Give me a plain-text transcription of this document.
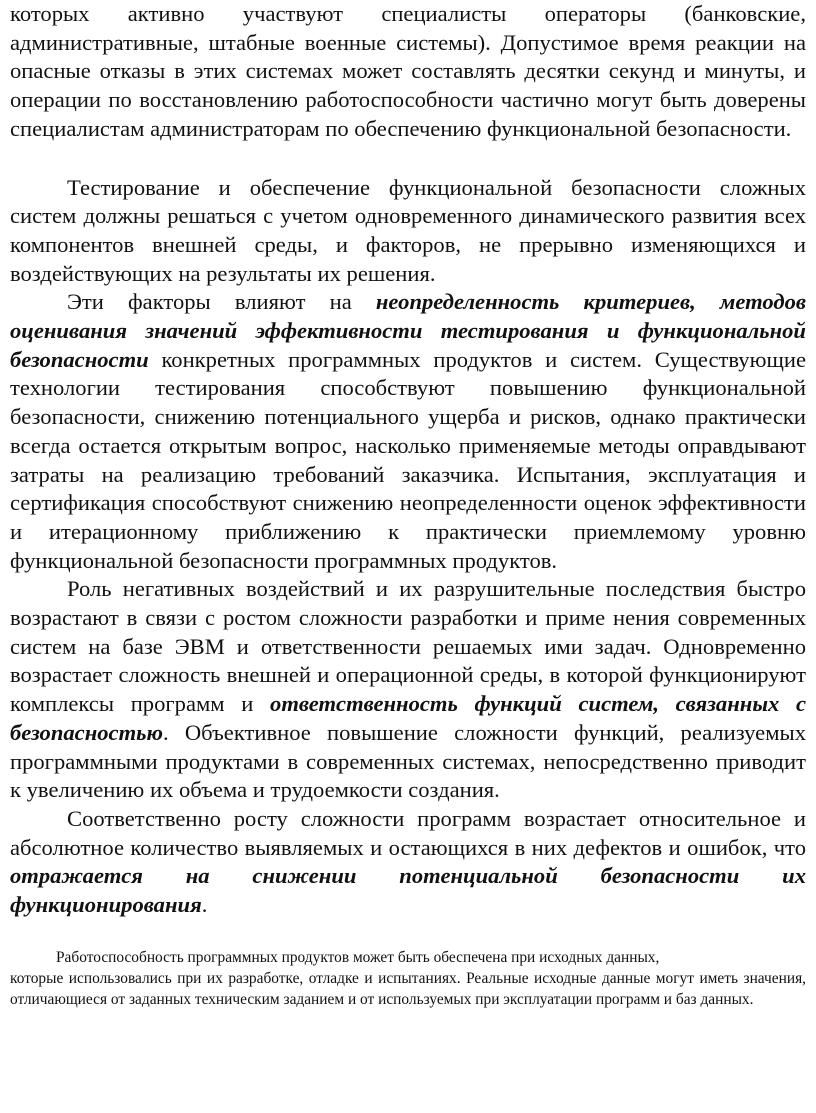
которых активно участвуют специалисты операторы (банковские, административные, штабные военные системы). Допустимое время реакции на опасные отказы в этих системах может составлять десятки секунд и минуты, и операции по восстановлению работоспособности частично могут быть доверены специалистам администраторам по обеспечению функциональной безопасности.

Тестирование и обеспечение функциональной безопасности сложных систем должны решаться с учетом одновременного динамического развития всех компонентов внешней среды, и факторов, не прерывно изменяющихся и воздействующих на результаты их решения.

Эти факторы влияют на неопределенность критериев, методов оценивания значений эффективности тестирования и функциональной безопасности конкретных программных продуктов и систем. Существующие технологии тестирования способствуют повышению функциональной безопасности, снижению потенциального ущерба и рисков, однако практически всегда остается открытым вопрос, насколько применяемые методы оправдывают затраты на реализацию требований заказчика. Испытания, эксплуатация и сертификация способствуют снижению неопределенности оценок эффективности и итерационному приближению к практически приемлемому уровню функциональной безопасности программных продуктов.

Роль негативных воздействий и их разрушительные последствия быстро возрастают в связи с ростом сложности разработки и приме нения современных систем на базе ЭВМ и ответственности решаемых ими задач. Одновременно возрастает сложность внешней и операционной среды, в которой функционируют комплексы программ и ответственность функций систем, связанных с безопасностью. Объективное повышение сложности функций, реализуемых программными продуктами в современных системах, непосредственно приводит к увеличению их объема и трудоемкости создания.

Соответственно росту сложности программ возрастает относительное и абсолютное количество выявляемых и остающихся в них дефектов и ошибок, что отражается на снижении потенциальной безопасности их функционирования.

Работоспособность программных продуктов может быть обеспечена при исходных данных,
которые использовались при их разработке, отладке и испытаниях. Реальные исходные данные могут иметь значения, отличающиеся от заданных техническим заданием и от используемых при эксплуатации программ и баз данных.
